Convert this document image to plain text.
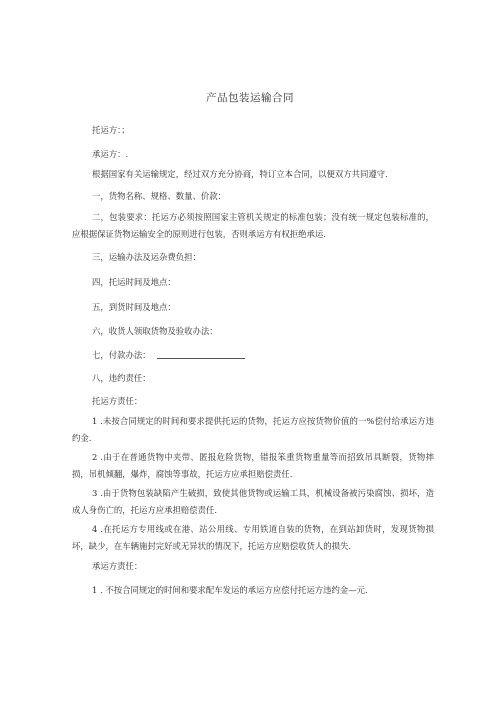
产品包装运输合同
托运方：；
承运方：.
根据国家有关运输规定，经过双方充分协商，特订立本合同，以便双方共同遵守.
一，货物名称、规格、数量、价款：
二，包装要求：托运方必须按照国家主管机关规定的标准包装；没有统一规定包装标准的，应根据保证货物运输安全的原则进行包装，否则承运方有权拒绝承运.
三，运输办法及运杂费负担：
四，托运时间及地点：
五，到货时间及地点：
六，收货人领取货物及验收办法：
七，付款办法：
八，违约责任：
托运方责任：
1 .未按合同规定的时间和要求提供托运的货物，托运方应按货物价值的一%偿付给承运方违约金.
2 .由于在普通货物中夹带、匿报危险货物，错报笨重货物重量等而招致吊具断裂，货物摔损，吊机倾翻，爆炸，腐蚀等事故，托运方应承担赔偿责任.
3 .由于货物包装缺陷产生破损，致使其他货物或运输工具，机械设备被污染腐蚀、损坏，造成人身伤亡的，托运方应承担赔偿责任.
4 .在托运方专用线或在港、站公用线、专用铁道自装的货物，在到站卸货时，发现货物损坏，缺少，在车辆施封完好或无异状的情况下，托运方应赔偿收货人的损失.
承运方责任：
1 . 不按合同规定的时间和要求配车发运的承运方应偿付托运方违约金—元.
